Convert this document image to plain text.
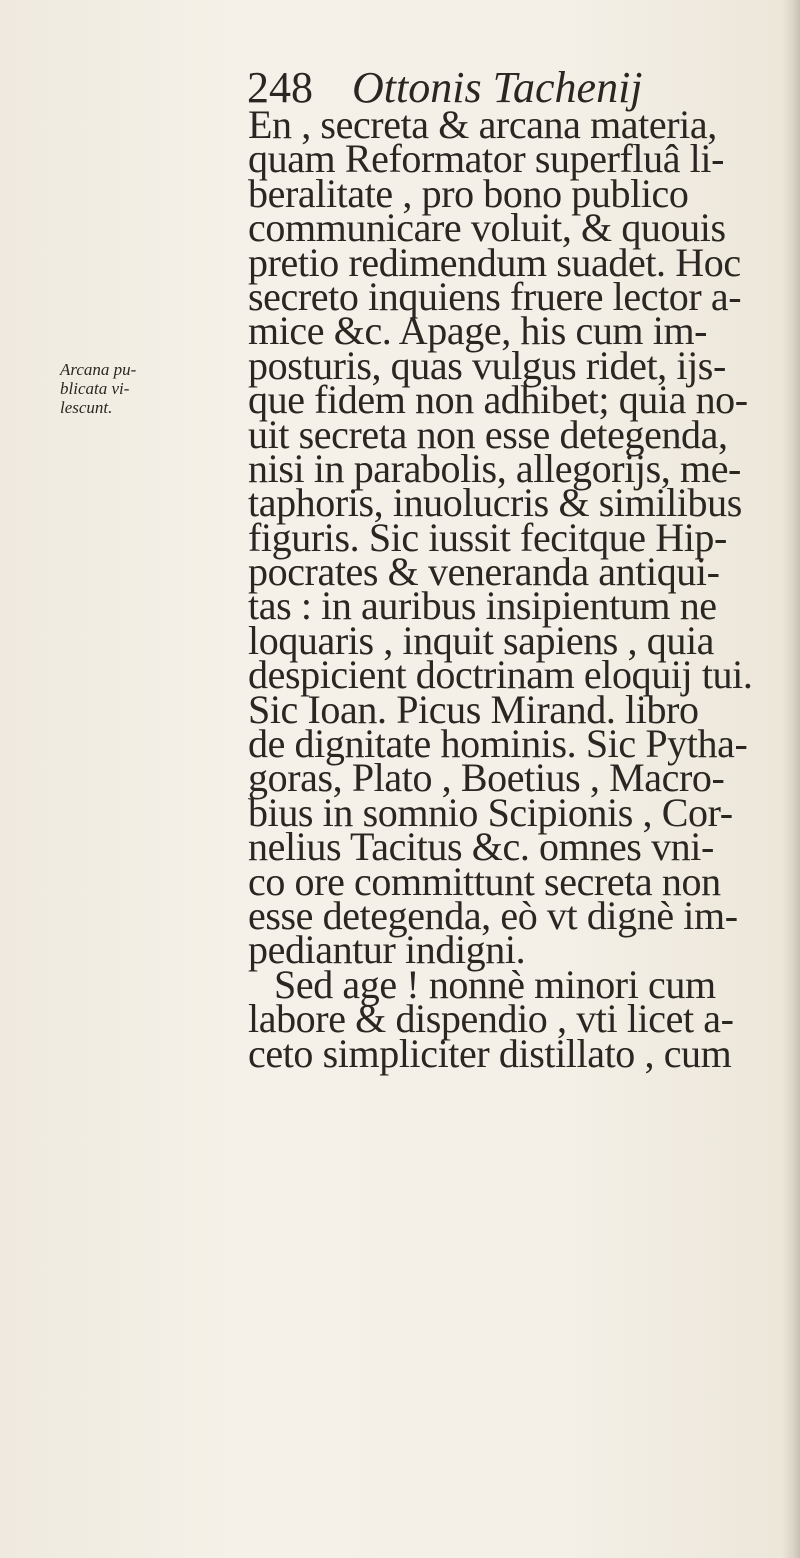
248 Ottonis Tachenij
Arcana pu-
blicata vi-
lescunt.
En , secreta & arcana materia,
quam Reformator superfluâ li-
beralitate , pro bono publico
communicare voluit, & quouis
pretio redimendum suadet. Hoc
secreto inquiens fruere lector a-
mice &c. Apage, his cum im-
posturis, quas vulgus ridet, ijs-
que fidem non adhibet; quia no-
uit secreta non esse detegenda,
nisi in parabolis, allegorijs, me-
taphoris, inuolucris & similibus
figuris. Sic iussit fecitque Hip-
pocrates & veneranda antiqui-
tas : in auribus insipientum ne
loquaris , inquit sapiens , quia
despicient doctrinam eloquij tui.
Sic Ioan. Picus Mirand. libro
de dignitate hominis. Sic Pytha-
goras, Plato , Boetius , Macro-
bius in somnio Scipionis , Cor-
nelius Tacitus &c. omnes vni-
co ore committunt secreta non
esse detegenda, eò vt dignè im-
pediantur indigni.
Sed age ! nonnè minori cum
labore & dispendio , vti licet a-
ceto simpliciter distillato , cum
